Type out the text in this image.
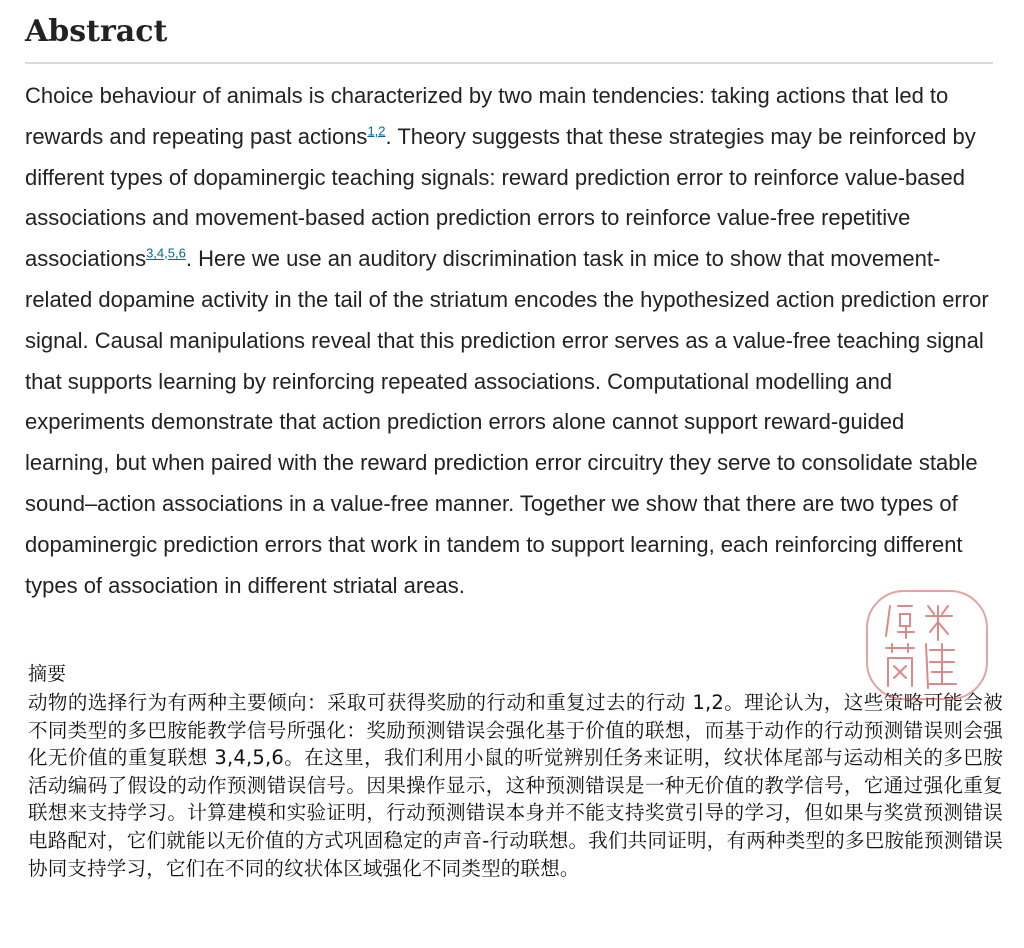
Abstract

Choice behaviour of animals is characterized by two main tendencies: taking actions that led to rewards and repeating past actions$^{1,2}$. Theory suggests that these strategies may be reinforced by different types of dopaminergic teaching signals: reward prediction error to reinforce value-based associations and movement-based action prediction errors to reinforce value-free repetitive associations$^{3,4,5,6}$. Here we use an auditory discrimination task in mice to show that movement-related dopamine activity in the tail of the striatum encodes the hypothesized action prediction error signal. Causal manipulations reveal that this prediction error serves as a value-free teaching signal that supports learning by reinforcing repeated associations. Computational modelling and experiments demonstrate that action prediction errors alone cannot support reward-guided learning, but when paired with the reward prediction error circuitry they serve to consolidate stable sound–action associations in a value-free manner. Together we show that there are two types of dopaminergic prediction errors that work in tandem to support learning, each reinforcing different types of association in different striatal areas.

摘要

动物的选择行为有两种主要倾向：采取可获得奖励的行动和重复过去的行动 1,2。理论认为，这些策略可能会被不同类型的多巴胺能教学信号所强化：奖励预测错误会强化基于价值的联想，而基于动作的行动预测错误则会强化无价值的重复联想 3,4,5,6。在这里，我们利用小鼠的听觉辨别任务来证明，纹状体尾部与运动相关的多巴胺活动编码了假设的动作预测错误信号。因果操作显示，这种预测错误是一种无价值的教学信号，它通过强化重复联想来支持学习。计算建模和实验证明，行动预测错误本身并不能支持奖赏引导的学习，但如果与奖赏预测错误电路配对，它们就能以无价值的方式巩固稳定的声音-行动联想。我们共同证明，有两种类型的多巴胺能预测错误协同支持学习，它们在不同的纹状体区域强化不同类型的联想。
